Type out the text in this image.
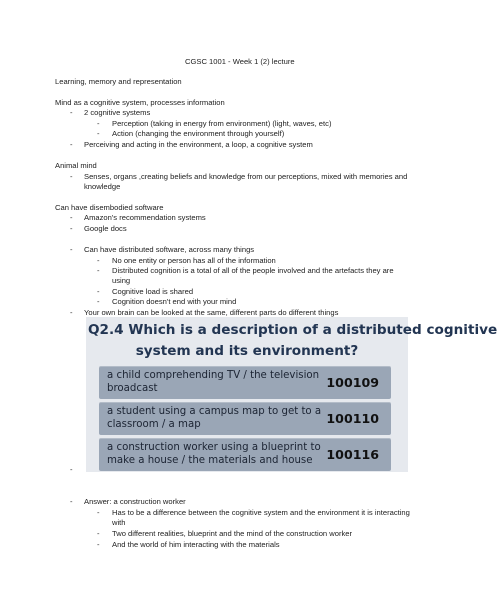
CGSC 1001 - Week 1 (2) lecture
Learning, memory and representation
Mind as a cognitive system, processes information
- 2 cognitive systems
- Perception (taking in energy from environment) (light, waves, etc)
- Action (changing the environment through yourself)
- Perceiving and acting in the environment, a loop, a cognitive system
Animal mind
- Senses, organs ,creating beliefs and knowledge from our perceptions, mixed with memories and knowledge
Can have disembodied software
- Amazon's recommendation systems
- Google docs
- Can have distributed software, across many things
- No one entity or person has all of the information
- Distributed cognition is a total of all of the people involved and the artefacts they are using
- Cognitive load is shared
- Cognition doesn't end with your mind
- Your own brain can be looked at the same, different parts do different things
Q2.4 Which is a description of a distributed cognitive
system and its environment?
a child comprehending TV / the television broadcast	100109
a student using a campus map to get to a classroom / a map	100110
a construction worker using a blueprint to make a house / the materials and house	100116
-
- Answer: a construction worker
- Has to be a difference between the cognitive system and the environment it is interacting with
- Two different realities, blueprint and the mind of the construction worker
- And the world of him interacting with the materials
